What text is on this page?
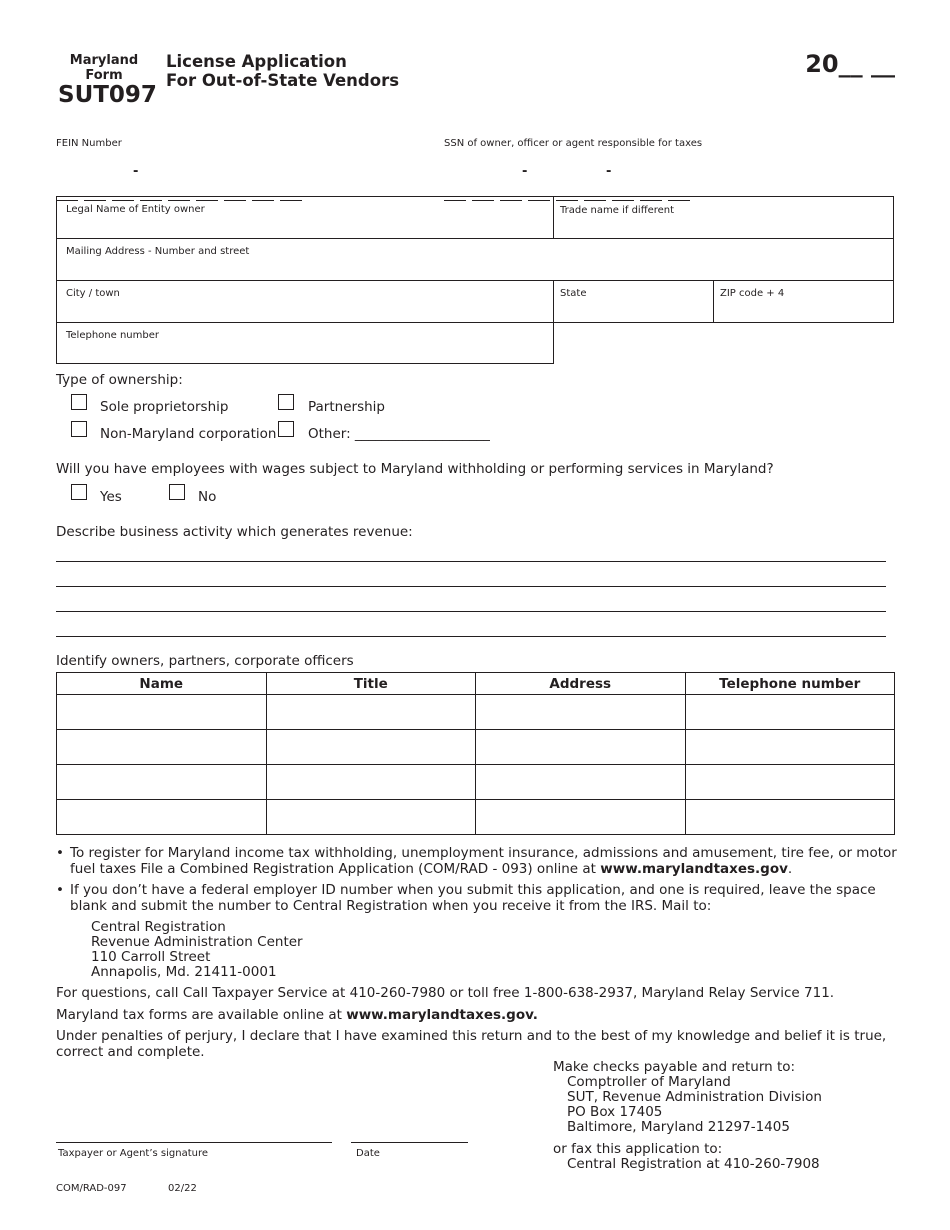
Maryland
Form
SUT097
License Application
For Out-of-State Vendors
20__ __
FEIN Number	SSN of owner, officer or agent responsible for taxes
-	-	-
Legal Name of Entity owner	Trade name if different
Mailing Address - Number and street
City / town	State	ZIP code + 4
Telephone number
Type of ownership:
Sole proprietorship	Partnership
Non-Maryland corporation Other: ____________________
Will you have employees with wages subject to Maryland withholding or performing services in Maryland?
Yes	No
Describe business activity which generates revenue:
Identify owners, partners, corporate officers
Name	Title	Address	Telephone number

• To register for Maryland income tax withholding, unemployment insurance, admissions and amusement, tire fee, or motor fuel taxes File a Combined Registration Application (COM/RAD - 093) online at www.marylandtaxes.gov.
• If you don’t have a federal employer ID number when you submit this application, and one is required, leave the space blank and submit the number to Central Registration when you receive it from the IRS. Mail to:
Central Registration
Revenue Administration Center
110 Carroll Street
Annapolis, Md. 21411-0001
For questions, call Call Taxpayer Service at 410-260-7980 or toll free 1-800-638-2937, Maryland Relay Service 711.
Maryland tax forms are available online at www.marylandtaxes.gov.
Under penalties of perjury, I declare that I have examined this return and to the best of my knowledge and belief it is true, correct and complete.
Make checks payable and return to:
Comptroller of Maryland
SUT, Revenue Administration Division
PO Box 17405
Baltimore, Maryland 21297-1405
or fax this application to:
Central Registration at 410-260-7908
Taxpayer or Agent’s signature	Date
COM/RAD-097	02/22
